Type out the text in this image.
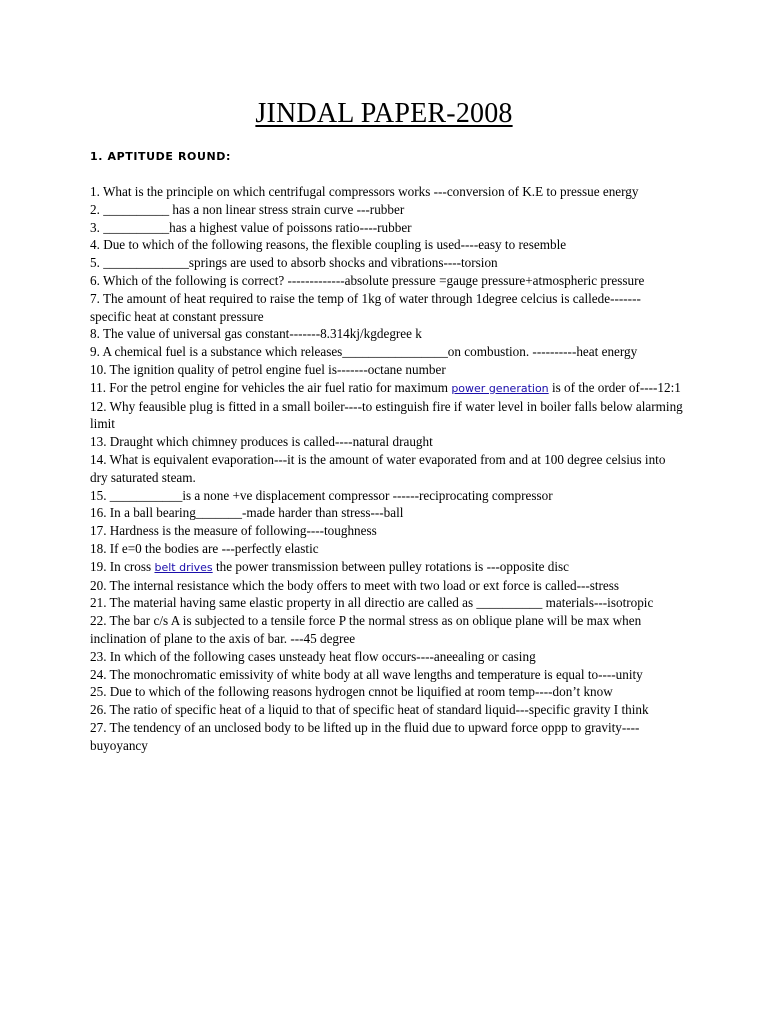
JINDAL PAPER-2008
1. APTITUDE ROUND:

1. What is the principle on which centrifugal compressors works ---conversion of K.E to pressue energy

2. __________ has a non linear stress strain curve ---rubber

3. __________has a highest value of poissons ratio----rubber

4. Due to which of the following reasons, the flexible coupling is used----easy to resemble

5. _____________springs are used to absorb shocks and vibrations----torsion

6. Which of the following is correct? -------------absolute pressure =gauge pressure+atmospheric pressure

7. The amount of heat required to raise the temp of 1kg of water through 1degree celcius is callede------- specific heat at constant pressure

8. The value of universal gas constant-------8.314kj/kgdegree k

9. A chemical fuel is a substance which releases________________on combustion. ----------heat energy

10. The ignition quality of petrol engine fuel is-------octane number

11. For the petrol engine for vehicles the air fuel ratio for maximum power generation is of the order of----12:1

12. Why feausible plug is fitted in a small boiler----to estinguish fire if water level in boiler falls below alarming limit

13. Draught which chimney produces is called----natural draught

14. What is equivalent evaporation---it is the amount of water evaporated from and at 100 degree celsius into dry saturated steam.

15. ___________is a none +ve displacement compressor ------reciprocating compressor

16. In a ball bearing_______-made harder than stress---ball

17. Hardness is the measure of following----toughness

18. If e=0 the bodies are ---perfectly elastic

19. In cross belt drives the power transmission between pulley rotations is ---opposite disc

20. The internal resistance which the body offers to meet with two load or ext force is called---stress

21. The material having same elastic property in all directio are called as __________ materials---isotropic

22. The bar c/s A is subjected to a tensile force P the normal stress as on oblique plane will be max when inclination of plane to the axis of bar. ---45 degree

23. In which of the following cases unsteady heat flow occurs----aneealing or casing

24. The monochromatic emissivity of white body at all wave lengths and temperature is equal to----unity

25. Due to which of the following reasons hydrogen cnnot be liquified at room temp----don’t know

26. The ratio of specific heat of a liquid to that of specific heat of standard liquid---specific gravity I think

27. The tendency of an unclosed body to be lifted up in the fluid due to upward force oppp to gravity----buyoyancy
